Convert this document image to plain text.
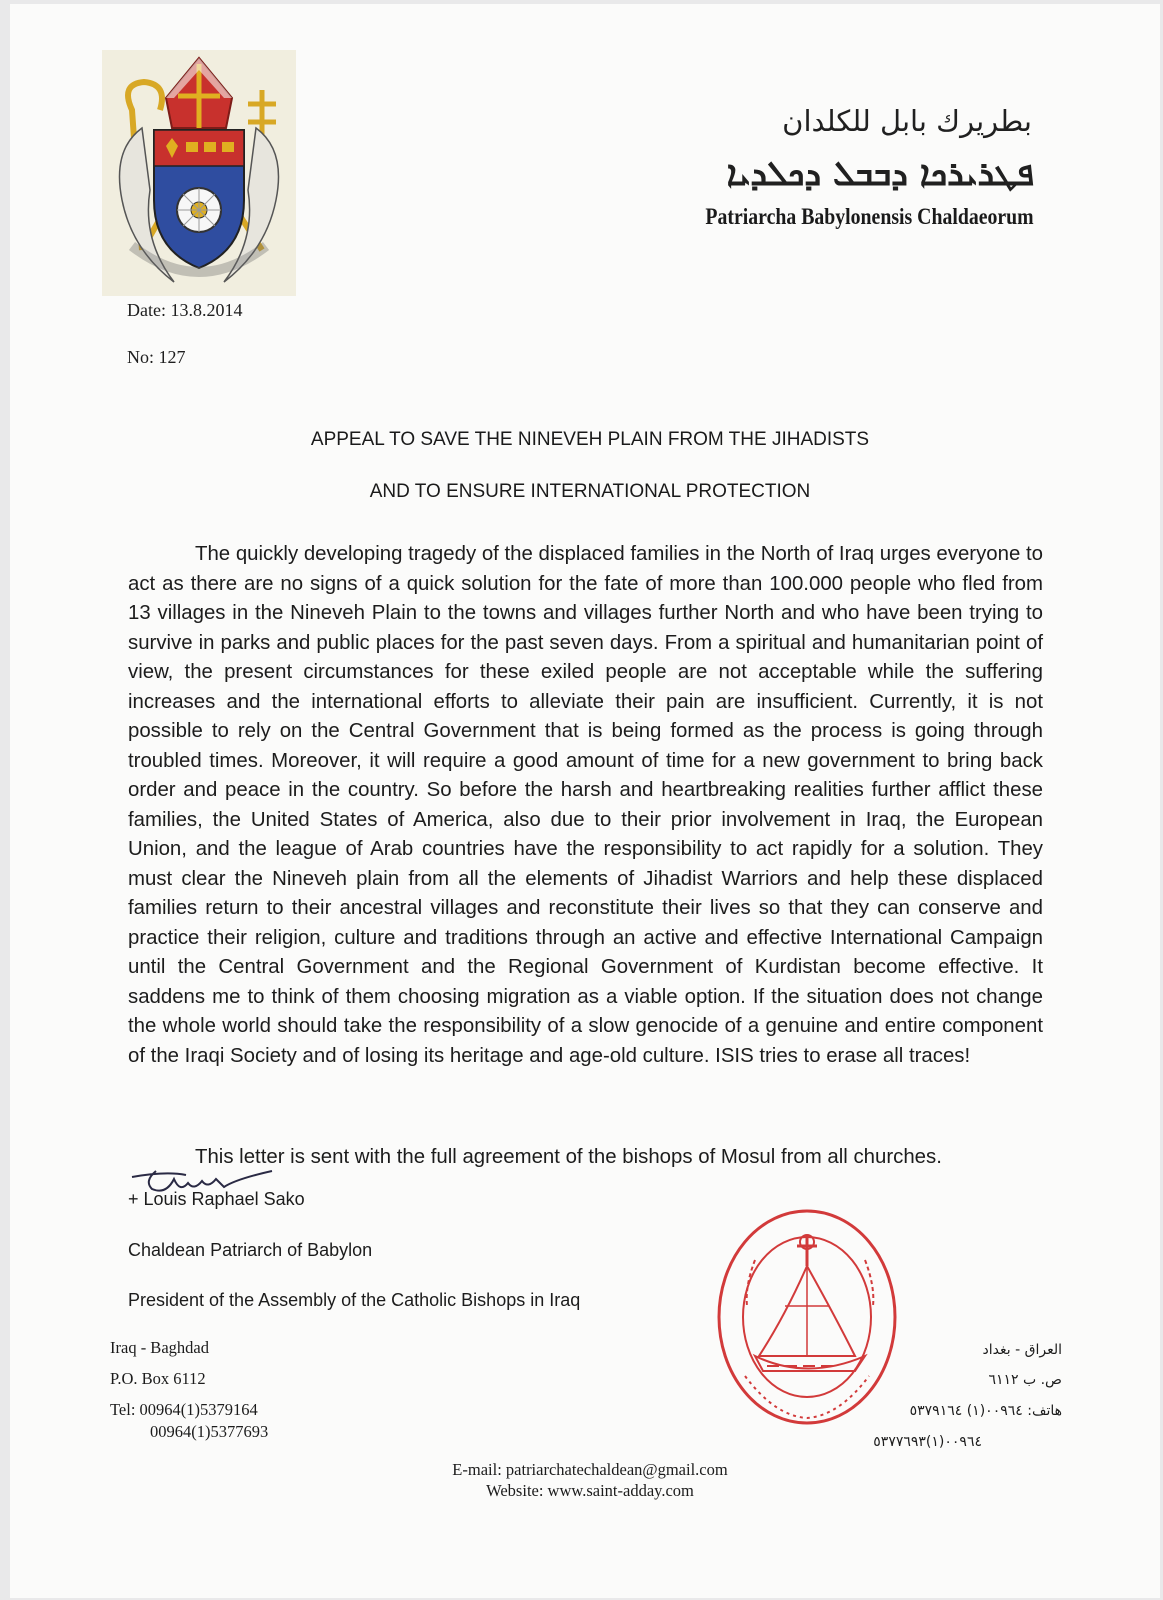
بطريرك بابل للكلدان
ܦܛܪܝܪܟܐ ܕܒܒܠ ܕܟܠܕܝܐ
Patriarcha Babylonensis Chaldaeorum
Date: 13.8.2014
No: 127
APPEAL TO SAVE THE NINEVEH PLAIN FROM THE JIHADISTS
AND TO ENSURE INTERNATIONAL PROTECTION
The quickly developing tragedy of the displaced families in the North of Iraq urges everyone to act as there are no signs of a quick solution for the fate of more than 100.000 people who fled from 13 villages in the Nineveh Plain to the towns and villages further North and who have been trying to survive in parks and public places for the past seven days. From a spiritual and humanitarian point of view, the present circumstances for these exiled people are not acceptable while the suffering increases and the international efforts to alleviate their pain are insufficient. Currently, it is not possible to rely on the Central Government that is being formed as the process is going through troubled times. Moreover, it will require a good amount of time for a new government to bring back order and peace in the country. So before the harsh and heartbreaking realities further afflict these families, the United States of America, also due to their prior involvement in Iraq, the European Union, and the league of Arab countries have the responsibility to act rapidly for a solution. They must clear the Nineveh plain from all the elements of Jihadist Warriors and help these displaced families return to their ancestral villages and reconstitute their lives so that they can conserve and practice their religion, culture and traditions through an active and effective International Campaign until the Central Government and the Regional Government of Kurdistan become effective. It saddens me to think of them choosing migration as a viable option. If the situation does not change the whole world should take the responsibility of a slow genocide of a genuine and entire component of the Iraqi Society and of losing its heritage and age-old culture. ISIS tries to erase all traces!
This letter is sent with the full agreement of the bishops of Mosul from all churches.
+ Louis Raphael Sako
Chaldean Patriarch of Babylon
President of the Assembly of the Catholic Bishops in Iraq
Iraq - Baghdad
P.O. Box 6112
Tel: 00964(1)5379164
00964(1)5377693
العراق - بغداد
ص. ب ٦١١٢
هاتف: ٠٠٩٦٤(١) ٥٣٧٩١٦٤
٠٠٩٦٤(١)٥٣٧٧٦٩٣
E-mail: patriarchatechaldean@gmail.com
Website: www.saint-adday.com
